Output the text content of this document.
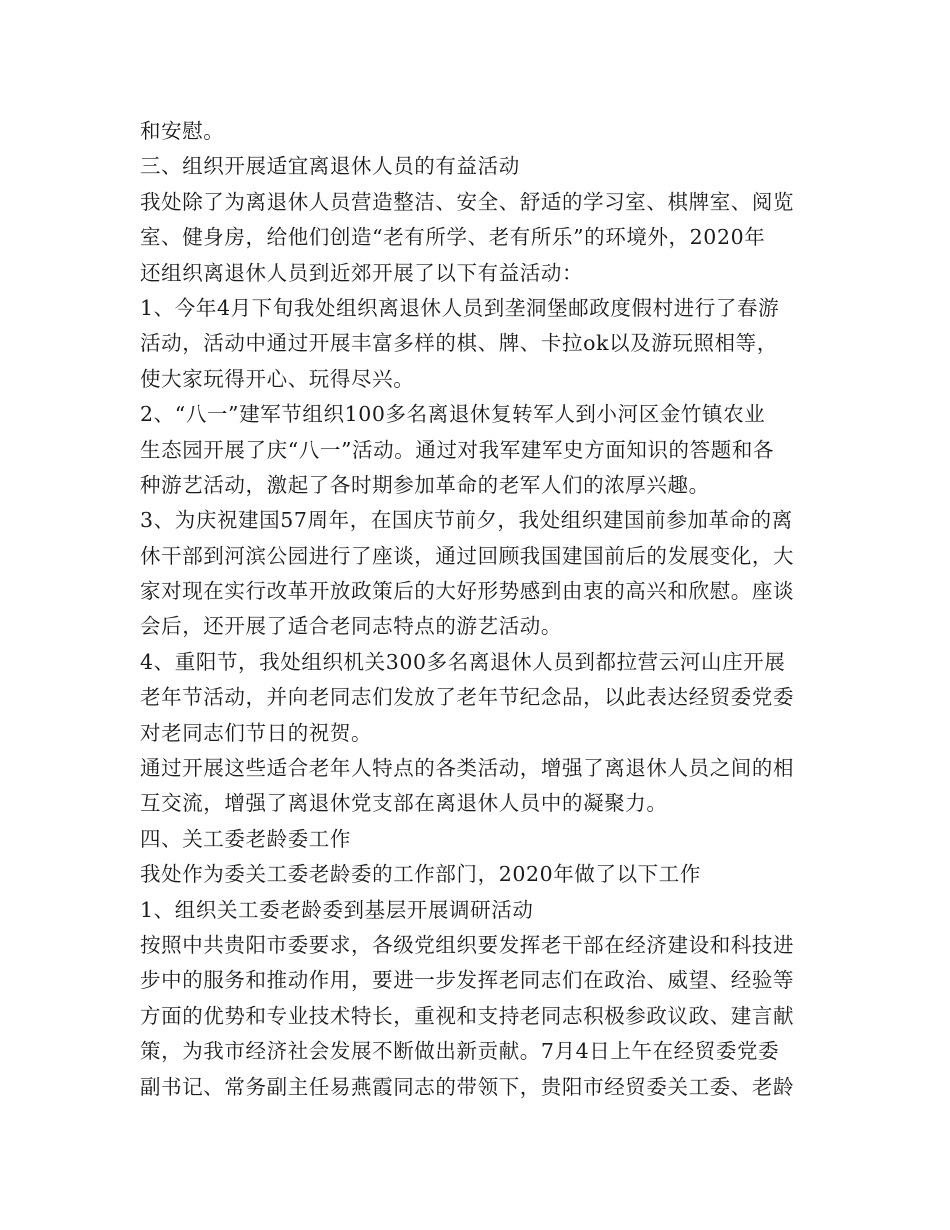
和安慰。
三、组织开展适宜离退休人员的有益活动
我处除了为离退休人员营造整洁、安全、舒适的学习室、棋牌室、阅览
室、健身房，给他们创造“老有所学、老有所乐”的环境外，2020年
还组织离退休人员到近郊开展了以下有益活动：
1、今年4月下旬我处组织离退休人员到垄洞堡邮政度假村进行了春游
活动，活动中通过开展丰富多样的棋、牌、卡拉ok以及游玩照相等，
使大家玩得开心、玩得尽兴。
2、“八一”建军节组织100多名离退休复转军人到小河区金竹镇农业
生态园开展了庆“八一”活动。通过对我军建军史方面知识的答题和各
种游艺活动，激起了各时期参加革命的老军人们的浓厚兴趣。
3、为庆祝建国57周年，在国庆节前夕，我处组织建国前参加革命的离
休干部到河滨公园进行了座谈，通过回顾我国建国前后的发展变化，大
家对现在实行改革开放政策后的大好形势感到由衷的高兴和欣慰。座谈
会后，还开展了适合老同志特点的游艺活动。
4、重阳节，我处组织机关300多名离退休人员到都拉营云河山庄开展
老年节活动，并向老同志们发放了老年节纪念品，以此表达经贸委党委
对老同志们节日的祝贺。
通过开展这些适合老年人特点的各类活动，增强了离退休人员之间的相
互交流，增强了离退休党支部在离退休人员中的凝聚力。
四、关工委老龄委工作
我处作为委关工委老龄委的工作部门，2020年做了以下工作
1、组织关工委老龄委到基层开展调研活动
按照中共贵阳市委要求，各级党组织要发挥老干部在经济建设和科技进
步中的服务和推动作用，要进一步发挥老同志们在政治、威望、经验等
方面的优势和专业技术特长，重视和支持老同志积极参政议政、建言献
策，为我市经济社会发展不断做出新贡献。7月4日上午在经贸委党委
副书记、常务副主任易燕霞同志的带领下，贵阳市经贸委关工委、老龄
